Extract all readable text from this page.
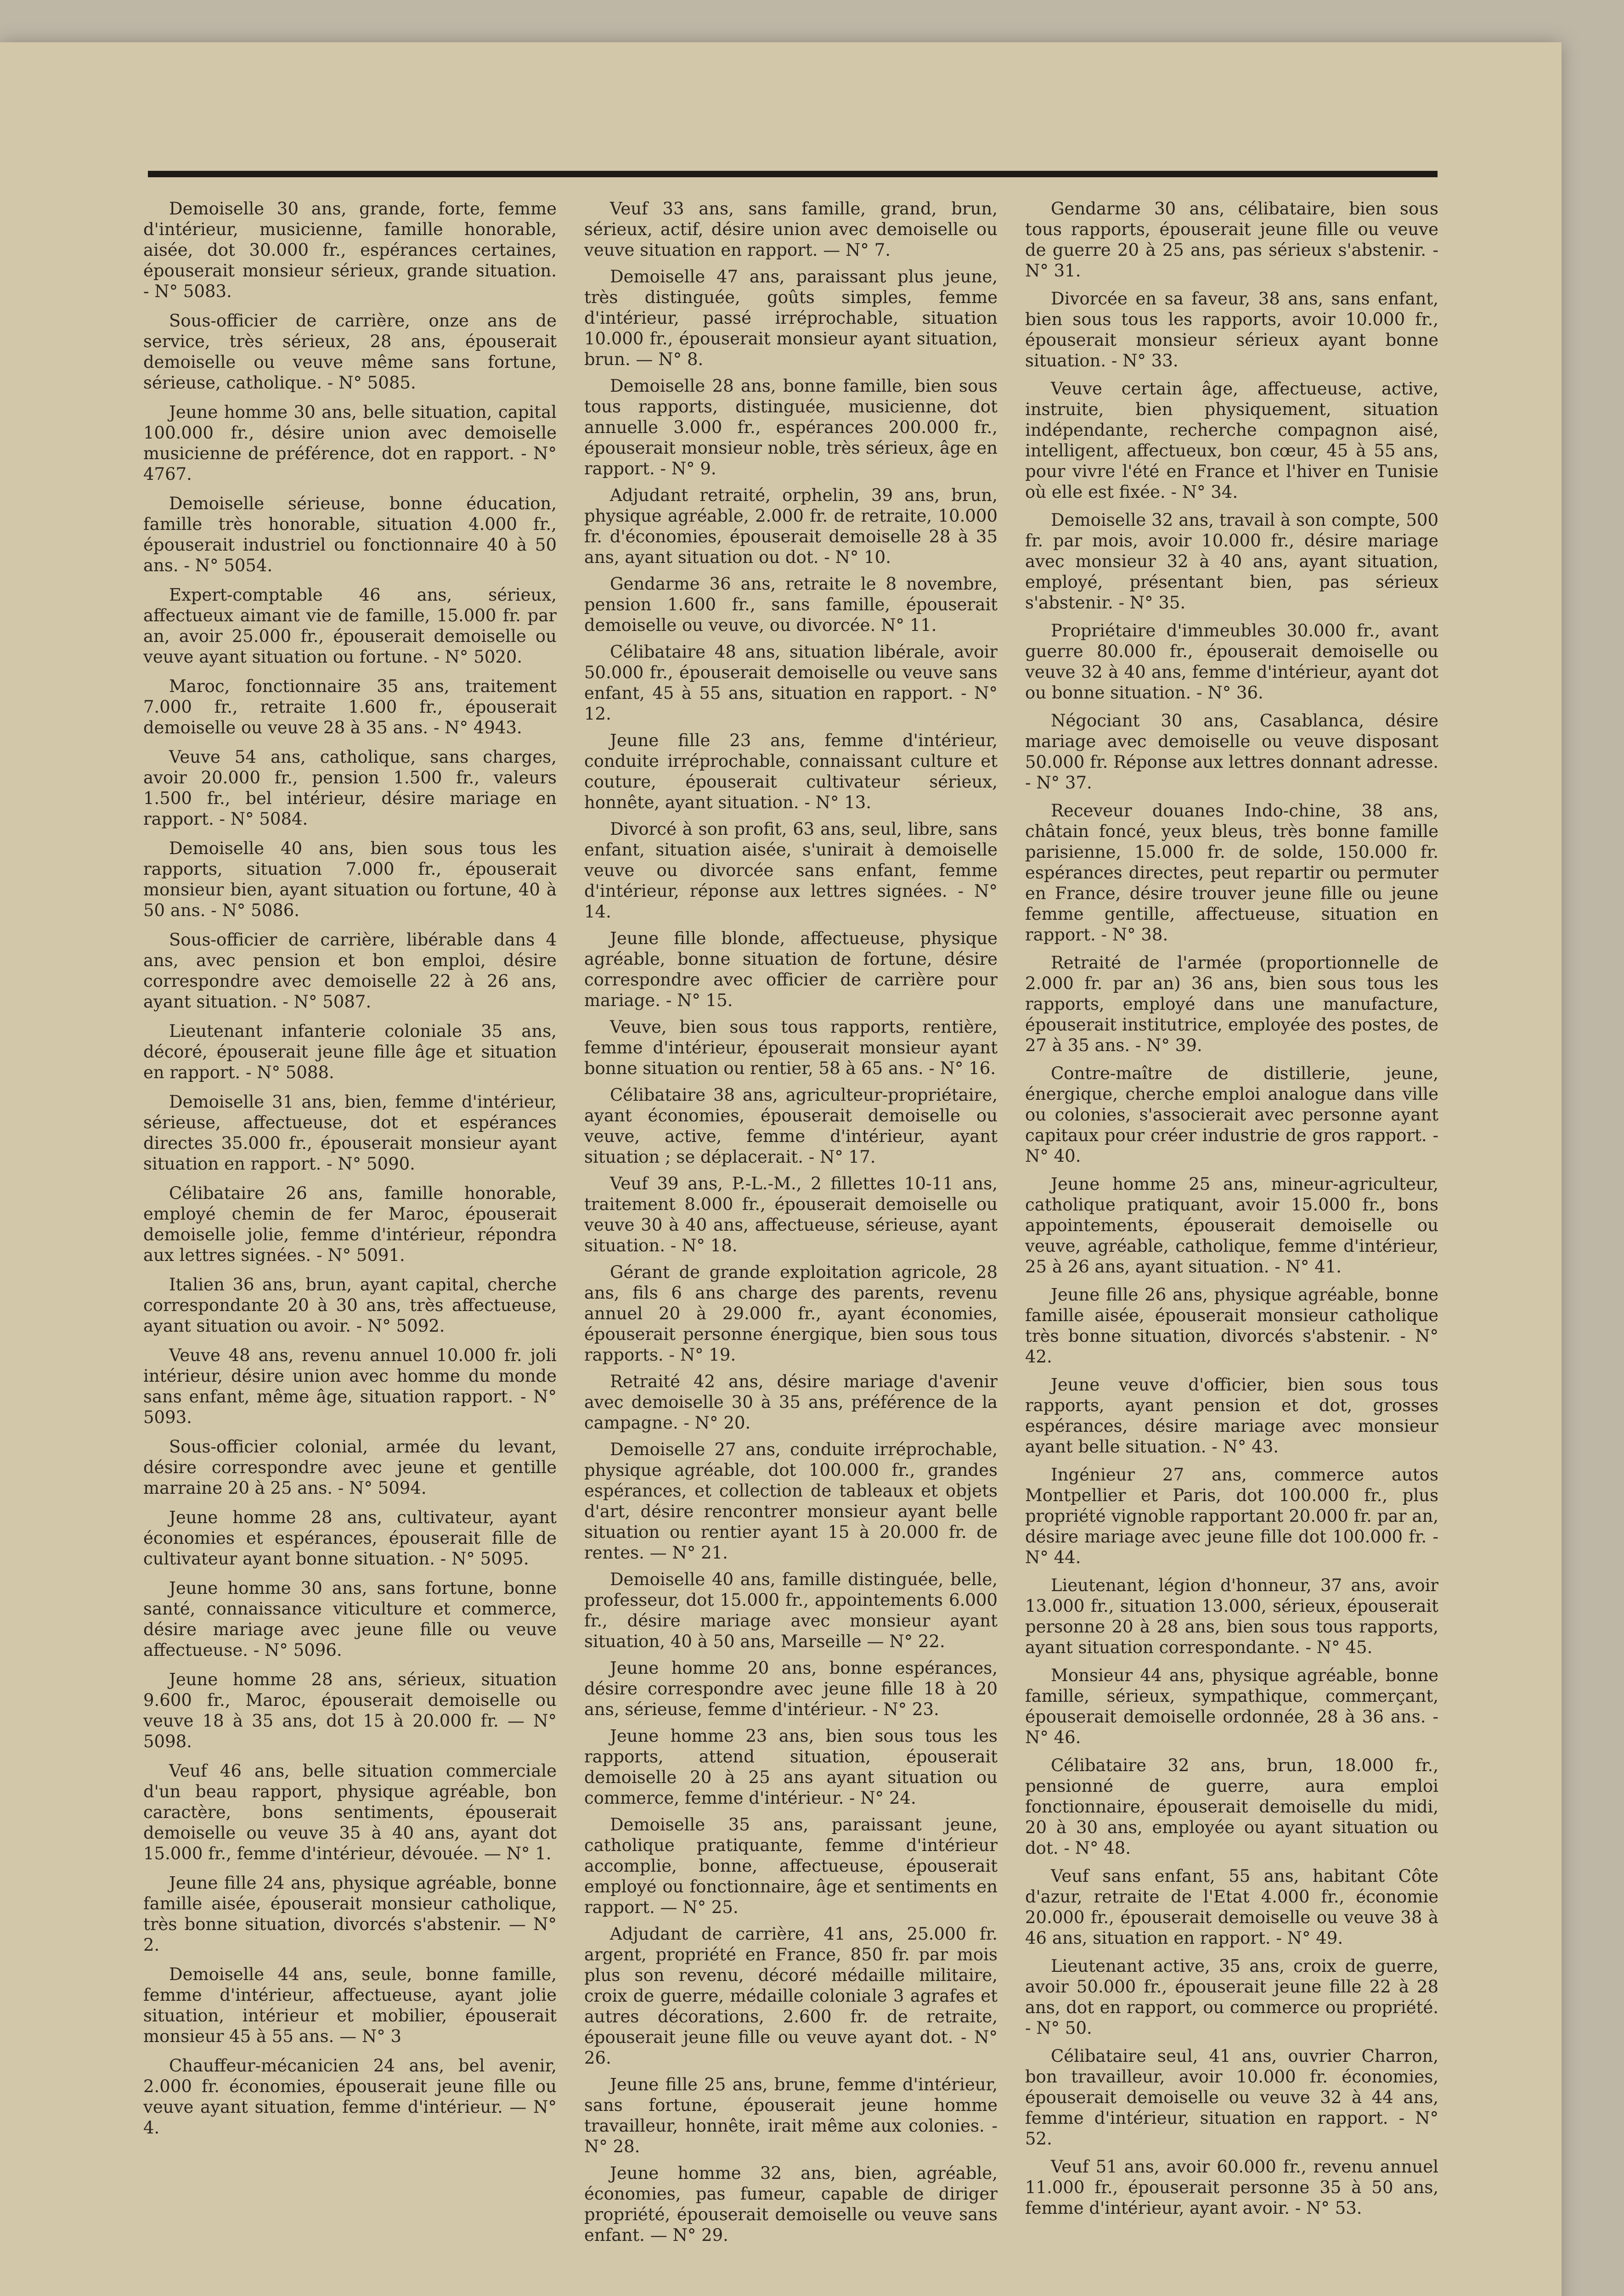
Demoiselle 30 ans, grande, forte, femme d'intérieur, musicienne, famille honorable, aisée, dot 30.000 fr., espérances certaines, épouserait monsieur sérieux, grande situation. - N° 5083.

Sous-officier de carrière, onze ans de service, très sérieux, 28 ans, épouserait demoiselle ou veuve même sans fortune, sérieuse, catholique. - N° 5085.

Jeune homme 30 ans, belle situation, capital 100.000 fr., désire union avec demoiselle musicienne de préférence, dot en rapport. - N° 4767.

Demoiselle sérieuse, bonne éducation, famille très honorable, situation 4.000 fr., épouserait industriel ou fonctionnaire 40 à 50 ans. - N° 5054.

Expert-comptable 46 ans, sérieux, affectueux aimant vie de famille, 15.000 fr. par an, avoir 25.000 fr., épouserait demoiselle ou veuve ayant situation ou fortune. - N° 5020.

Maroc, fonctionnaire 35 ans, traitement 7.000 fr., retraite 1.600 fr., épouserait demoiselle ou veuve 28 à 35 ans. - N° 4943.

Veuve 54 ans, catholique, sans charges, avoir 20.000 fr., pension 1.500 fr., valeurs 1.500 fr., bel intérieur, désire mariage en rapport. - N° 5084.

Demoiselle 40 ans, bien sous tous les rapports, situation 7.000 fr., épouserait monsieur bien, ayant situation ou fortune, 40 à 50 ans. - N° 5086.

Sous-officier de carrière, libérable dans 4 ans, avec pension et bon emploi, désire correspondre avec demoiselle 22 à 26 ans, ayant situation. - N° 5087.

Lieutenant infanterie coloniale 35 ans, décoré, épouserait jeune fille âge et situation en rapport. - N° 5088.

Demoiselle 31 ans, bien, femme d'intérieur, sérieuse, affectueuse, dot et espérances directes 35.000 fr., épouserait monsieur ayant situation en rapport. - N° 5090.

Célibataire 26 ans, famille honorable, employé chemin de fer Maroc, épouserait demoiselle jolie, femme d'intérieur, répondra aux lettres signées. - N° 5091.

Italien 36 ans, brun, ayant capital, cherche correspondante 20 à 30 ans, très affectueuse, ayant situation ou avoir. - N° 5092.

Veuve 48 ans, revenu annuel 10.000 fr. joli intérieur, désire union avec homme du monde sans enfant, même âge, situation rapport. - N° 5093.

Sous-officier colonial, armée du levant, désire correspondre avec jeune et gentille marraine 20 à 25 ans. - N° 5094.

Jeune homme 28 ans, cultivateur, ayant économies et espérances, épouserait fille de cultivateur ayant bonne situation. - N° 5095.

Jeune homme 30 ans, sans fortune, bonne santé, connaissance viticulture et commerce, désire mariage avec jeune fille ou veuve affectueuse. - N° 5096.

Jeune homme 28 ans, sérieux, situation 9.600 fr., Maroc, épouserait demoiselle ou veuve 18 à 35 ans, dot 15 à 20.000 fr. — N° 5098.

Veuf 46 ans, belle situation commerciale d'un beau rapport, physique agréable, bon caractère, bons sentiments, épouserait demoiselle ou veuve 35 à 40 ans, ayant dot 15.000 fr., femme d'intérieur, dévouée. — N° 1.

Jeune fille 24 ans, physique agréable, bonne famille aisée, épouserait monsieur catholique, très bonne situation, divorcés s'abstenir. — N° 2.

Demoiselle 44 ans, seule, bonne famille, femme d'intérieur, affectueuse, ayant jolie situation, intérieur et mobilier, épouserait monsieur 45 à 55 ans. — N° 3

Chauffeur-mécanicien 24 ans, bel avenir, 2.000 fr. économies, épouserait jeune fille ou veuve ayant situation, femme d'intérieur. — N° 4.

Veuf 33 ans, sans famille, grand, brun, sérieux, actif, désire union avec demoiselle ou veuve situation en rapport. — N° 7.

Demoiselle 47 ans, paraissant plus jeune, très distinguée, goûts simples, femme d'intérieur, passé irréprochable, situation 10.000 fr., épouserait monsieur ayant situation, brun. — N° 8.

Demoiselle 28 ans, bonne famille, bien sous tous rapports, distinguée, musicienne, dot annuelle 3.000 fr., espérances 200.000 fr., épouserait monsieur noble, très sérieux, âge en rapport. - N° 9.

Adjudant retraité, orphelin, 39 ans, brun, physique agréable, 2.000 fr. de retraite, 10.000 fr. d'économies, épouserait demoiselle 28 à 35 ans, ayant situation ou dot. - N° 10.

Gendarme 36 ans, retraite le 8 novembre, pension 1.600 fr., sans famille, épouserait demoiselle ou veuve, ou divorcée. N° 11.

Célibataire 48 ans, situation libérale, avoir 50.000 fr., épouserait demoiselle ou veuve sans enfant, 45 à 55 ans, situation en rapport. - N° 12.

Jeune fille 23 ans, femme d'intérieur, conduite irréprochable, connaissant culture et couture, épouserait cultivateur sérieux, honnête, ayant situation. - N° 13.

Divorcé à son profit, 63 ans, seul, libre, sans enfant, situation aisée, s'unirait à demoiselle veuve ou divorcée sans enfant, femme d'intérieur, réponse aux lettres signées. - N° 14.

Jeune fille blonde, affectueuse, physique agréable, bonne situation de fortune, désire correspondre avec officier de carrière pour mariage. - N° 15.

Veuve, bien sous tous rapports, rentière, femme d'intérieur, épouserait monsieur ayant bonne situation ou rentier, 58 à 65 ans. - N° 16.

Célibataire 38 ans, agriculteur-propriétaire, ayant économies, épouserait demoiselle ou veuve, active, femme d'intérieur, ayant situation ; se déplacerait. - N° 17.

Veuf 39 ans, P.-L.-M., 2 fillettes 10-11 ans, traitement 8.000 fr., épouserait demoiselle ou veuve 30 à 40 ans, affectueuse, sérieuse, ayant situation. - N° 18.

Gérant de grande exploitation agricole, 28 ans, fils 6 ans charge des parents, revenu annuel 20 à 29.000 fr., ayant économies, épouserait personne énergique, bien sous tous rapports. - N° 19.

Retraité 42 ans, désire mariage d'avenir avec demoiselle 30 à 35 ans, préférence de la campagne. - N° 20.

Demoiselle 27 ans, conduite irréprochable, physique agréable, dot 100.000 fr., grandes espérances, et collection de tableaux et objets d'art, désire rencontrer monsieur ayant belle situation ou rentier ayant 15 à 20.000 fr. de rentes. — N° 21.

Demoiselle 40 ans, famille distinguée, belle, professeur, dot 15.000 fr., appointements 6.000 fr., désire mariage avec monsieur ayant situation, 40 à 50 ans, Marseille — N° 22.

Jeune homme 20 ans, bonne espérances, désire correspondre avec jeune fille 18 à 20 ans, sérieuse, femme d'intérieur. - N° 23.

Jeune homme 23 ans, bien sous tous les rapports, attend situation, épouserait demoiselle 20 à 25 ans ayant situation ou commerce, femme d'intérieur. - N° 24.

Demoiselle 35 ans, paraissant jeune, catholique pratiquante, femme d'intérieur accomplie, bonne, affectueuse, épouserait employé ou fonctionnaire, âge et sentiments en rapport. — N° 25.

Adjudant de carrière, 41 ans, 25.000 fr. argent, propriété en France, 850 fr. par mois plus son revenu, décoré médaille militaire, croix de guerre, médaille coloniale 3 agrafes et autres décorations, 2.600 fr. de retraite, épouserait jeune fille ou veuve ayant dot. - N° 26.

Jeune fille 25 ans, brune, femme d'intérieur, sans fortune, épouserait jeune homme travailleur, honnête, irait même aux colonies. - N° 28.

Jeune homme 32 ans, bien, agréable, économies, pas fumeur, capable de diriger propriété, épouserait demoiselle ou veuve sans enfant. — N° 29.

Gendarme 30 ans, célibataire, bien sous tous rapports, épouserait jeune fille ou veuve de guerre 20 à 25 ans, pas sérieux s'abstenir. - N° 31.

Divorcée en sa faveur, 38 ans, sans enfant, bien sous tous les rapports, avoir 10.000 fr., épouserait monsieur sérieux ayant bonne situation. - N° 33.

Veuve certain âge, affectueuse, active, instruite, bien physiquement, situation indépendante, recherche compagnon aisé, intelligent, affectueux, bon cœur, 45 à 55 ans, pour vivre l'été en France et l'hiver en Tunisie où elle est fixée. - N° 34.

Demoiselle 32 ans, travail à son compte, 500 fr. par mois, avoir 10.000 fr., désire mariage avec monsieur 32 à 40 ans, ayant situation, employé, présentant bien, pas sérieux s'abstenir. - N° 35.

Propriétaire d'immeubles 30.000 fr., avant guerre 80.000 fr., épouserait demoiselle ou veuve 32 à 40 ans, femme d'intérieur, ayant dot ou bonne situation. - N° 36.

Négociant 30 ans, Casablanca, désire mariage avec demoiselle ou veuve disposant 50.000 fr. Réponse aux lettres donnant adresse. - N° 37.

Receveur douanes Indo-chine, 38 ans, châtain foncé, yeux bleus, très bonne famille parisienne, 15.000 fr. de solde, 150.000 fr. espérances directes, peut repartir ou permuter en France, désire trouver jeune fille ou jeune femme gentille, affectueuse, situation en rapport. - N° 38.

Retraité de l'armée (proportionnelle de 2.000 fr. par an) 36 ans, bien sous tous les rapports, employé dans une manufacture, épouserait institutrice, employée des postes, de 27 à 35 ans. - N° 39.

Contre-maître de distillerie, jeune, énergique, cherche emploi analogue dans ville ou colonies, s'associerait avec personne ayant capitaux pour créer industrie de gros rapport. - N° 40.

Jeune homme 25 ans, mineur-agriculteur, catholique pratiquant, avoir 15.000 fr., bons appointements, épouserait demoiselle ou veuve, agréable, catholique, femme d'intérieur, 25 à 26 ans, ayant situation. - N° 41.

Jeune fille 26 ans, physique agréable, bonne famille aisée, épouserait monsieur catholique très bonne situation, divorcés s'abstenir. - N° 42.

Jeune veuve d'officier, bien sous tous rapports, ayant pension et dot, grosses espérances, désire mariage avec monsieur ayant belle situation. - N° 43.

Ingénieur 27 ans, commerce autos Montpellier et Paris, dot 100.000 fr., plus propriété vignoble rapportant 20.000 fr. par an, désire mariage avec jeune fille dot 100.000 fr. - N° 44.

Lieutenant, légion d'honneur, 37 ans, avoir 13.000 fr., situation 13.000, sérieux, épouserait personne 20 à 28 ans, bien sous tous rapports, ayant situation correspondante. - N° 45.

Monsieur 44 ans, physique agréable, bonne famille, sérieux, sympathique, commerçant, épouserait demoiselle ordonnée, 28 à 36 ans. - N° 46.

Célibataire 32 ans, brun, 18.000 fr., pensionné de guerre, aura emploi fonctionnaire, épouserait demoiselle du midi, 20 à 30 ans, employée ou ayant situation ou dot. - N° 48.

Veuf sans enfant, 55 ans, habitant Côte d'azur, retraite de l'Etat 4.000 fr., économie 20.000 fr., épouserait demoiselle ou veuve 38 à 46 ans, situation en rapport. - N° 49.

Lieutenant active, 35 ans, croix de guerre, avoir 50.000 fr., épouserait jeune fille 22 à 28 ans, dot en rapport, ou commerce ou propriété. - N° 50.

Célibataire seul, 41 ans, ouvrier Charron, bon travailleur, avoir 10.000 fr. économies, épouserait demoiselle ou veuve 32 à 44 ans, femme d'intérieur, situation en rapport. - N° 52.

Veuf 51 ans, avoir 60.000 fr., revenu annuel 11.000 fr., épouserait personne 35 à 50 ans, femme d'intérieur, ayant avoir. - N° 53.
